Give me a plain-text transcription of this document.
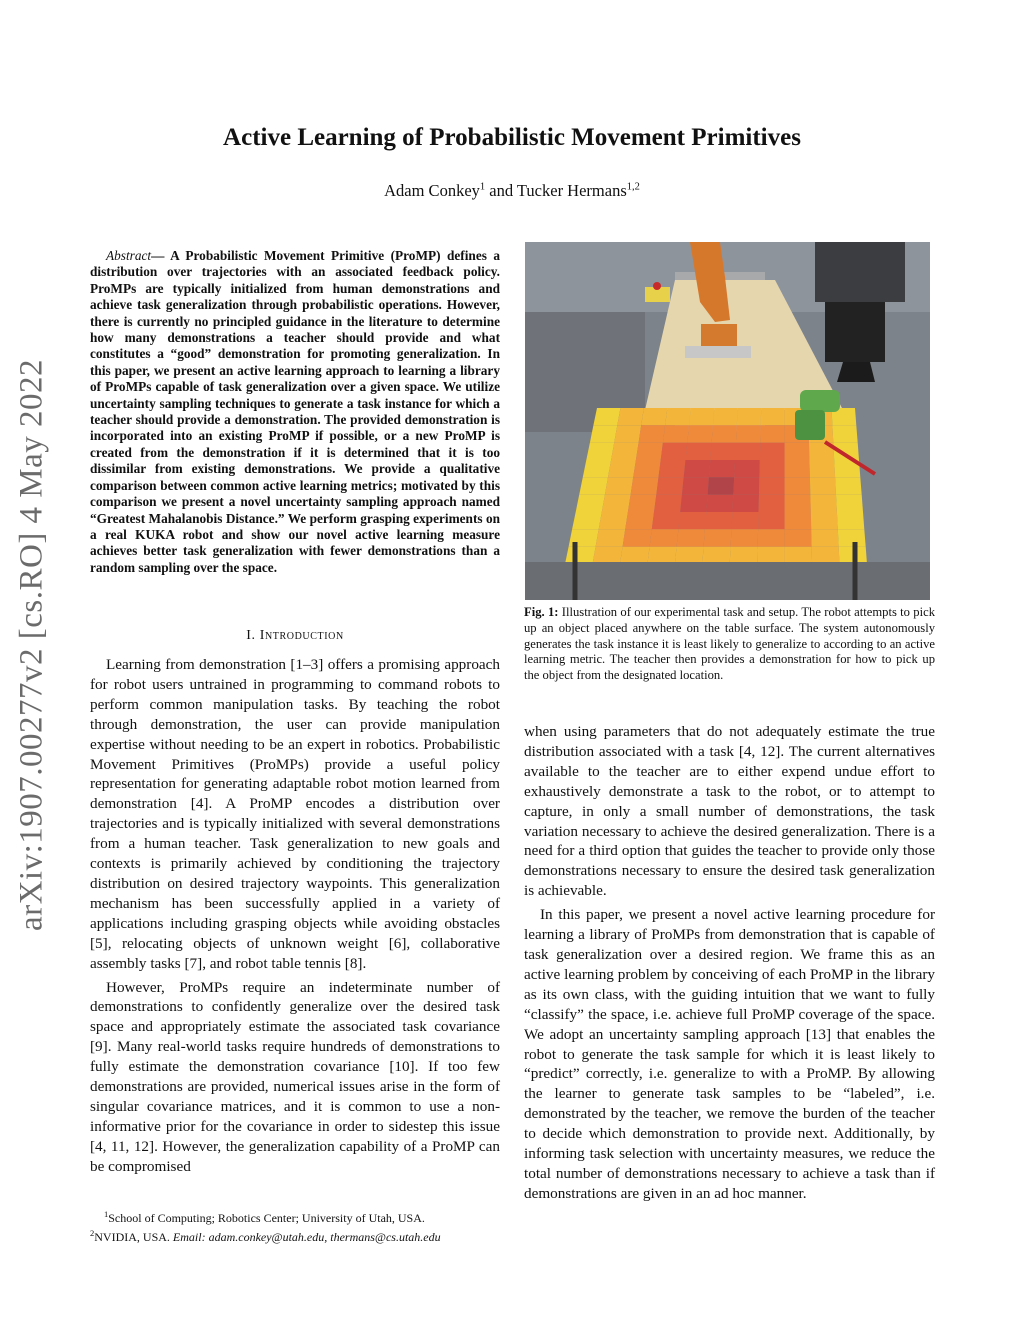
arXiv:1907.00277v2 [cs.RO] 4 May 2022
Active Learning of Probabilistic Movement Primitives
Adam Conkey$^1$ and Tucker Hermans$^{1,2}$

Abstract— A Probabilistic Movement Primitive (ProMP) defines a distribution over trajectories with an associated feedback policy. ProMPs are typically initialized from human demonstrations and achieve task generalization through probabilistic operations. However, there is currently no principled guidance in the literature to determine how many demonstrations a teacher should provide and what constitutes a “good” demonstration for promoting generalization. In this paper, we present an active learning approach to learning a library of ProMPs capable of task generalization over a given space. We utilize uncertainty sampling techniques to generate a task instance for which a teacher should provide a demonstration. The provided demonstration is incorporated into an existing ProMP if possible, or a new ProMP is created from the demonstration if it is determined that it is too dissimilar from existing demonstrations. We provide a qualitative comparison between common active learning metrics; motivated by this comparison we present a novel uncertainty sampling approach named “Greatest Mahalanobis Distance.” We perform grasping experiments on a real KUKA robot and show our novel active learning measure achieves better task generalization with fewer demonstrations than a random sampling over the space.

I. Introduction

Learning from demonstration [1–3] offers a promising approach for robot users untrained in programming to command robots to perform common manipulation tasks. By teaching the robot through demonstration, the user can provide manipulation expertise without needing to be an expert in robotics. Probabilistic Movement Primitives (ProMPs) provide a useful policy representation for generating adaptable robot motion learned from demonstration [4]. A ProMP encodes a distribution over trajectories and is typically initialized with several demonstrations from a human teacher. Task generalization to new goals and contexts is primarily achieved by conditioning the trajectory distribution on desired trajectory waypoints. This generalization mechanism has been successfully applied in a variety of applications including grasping objects while avoiding obstacles [5], relocating objects of unknown weight [6], collaborative assembly tasks [7], and robot table tennis [8].

However, ProMPs require an indeterminate number of demonstrations to confidently generalize over the desired task space and appropriately estimate the associated task covariance [9]. Many real-world tasks require hundreds of demonstrations to fully estimate the demonstration covariance [10]. If too few demonstrations are provided, numerical issues arise in the form of singular covariance matrices, and it is common to use a non-informative prior for the covariance in order to sidestep this issue [4, 11, 12]. However, the generalization capability of a ProMP can be compromised

$^1$School of Computing; Robotics Center; University of Utah, USA.

$^2$NVIDIA, USA. Email: adam.conkey@utah.edu, thermans@cs.utah.edu

Fig. 1: Illustration of our experimental task and setup. The robot attempts to pick up an object placed anywhere on the table surface. The system autonomously generates the task instance it is least likely to generalize to according to an active learning metric. The teacher then provides a demonstration for how to pick up the object from the designated location.

when using parameters that do not adequately estimate the true distribution associated with a task [4, 12]. The current alternatives available to the teacher are to either expend undue effort to exhaustively demonstrate a task to the robot, or to attempt to capture, in only a small number of demonstrations, the task variation necessary to achieve the desired generalization. There is a need for a third option that guides the teacher to provide only those demonstrations necessary to ensure the desired task generalization is achievable.

In this paper, we present a novel active learning procedure for learning a library of ProMPs from demonstration that is capable of task generalization over a desired region. We frame this as an active learning problem by conceiving of each ProMP in the library as its own class, with the guiding intuition that we want to fully “classify” the space, i.e. achieve full ProMP coverage of the space. We adopt an uncertainty sampling approach [13] that enables the robot to generate the task sample for which it is least likely to “predict” correctly, i.e. generalize to with a ProMP. By allowing the learner to generate task samples to be “labeled”, i.e. demonstrated by the teacher, we remove the burden of the teacher to decide which demonstration to provide next. Additionally, by informing task selection with uncertainty measures, we reduce the total number of demonstrations necessary to achieve a task than if demonstrations are given in an ad hoc manner.
